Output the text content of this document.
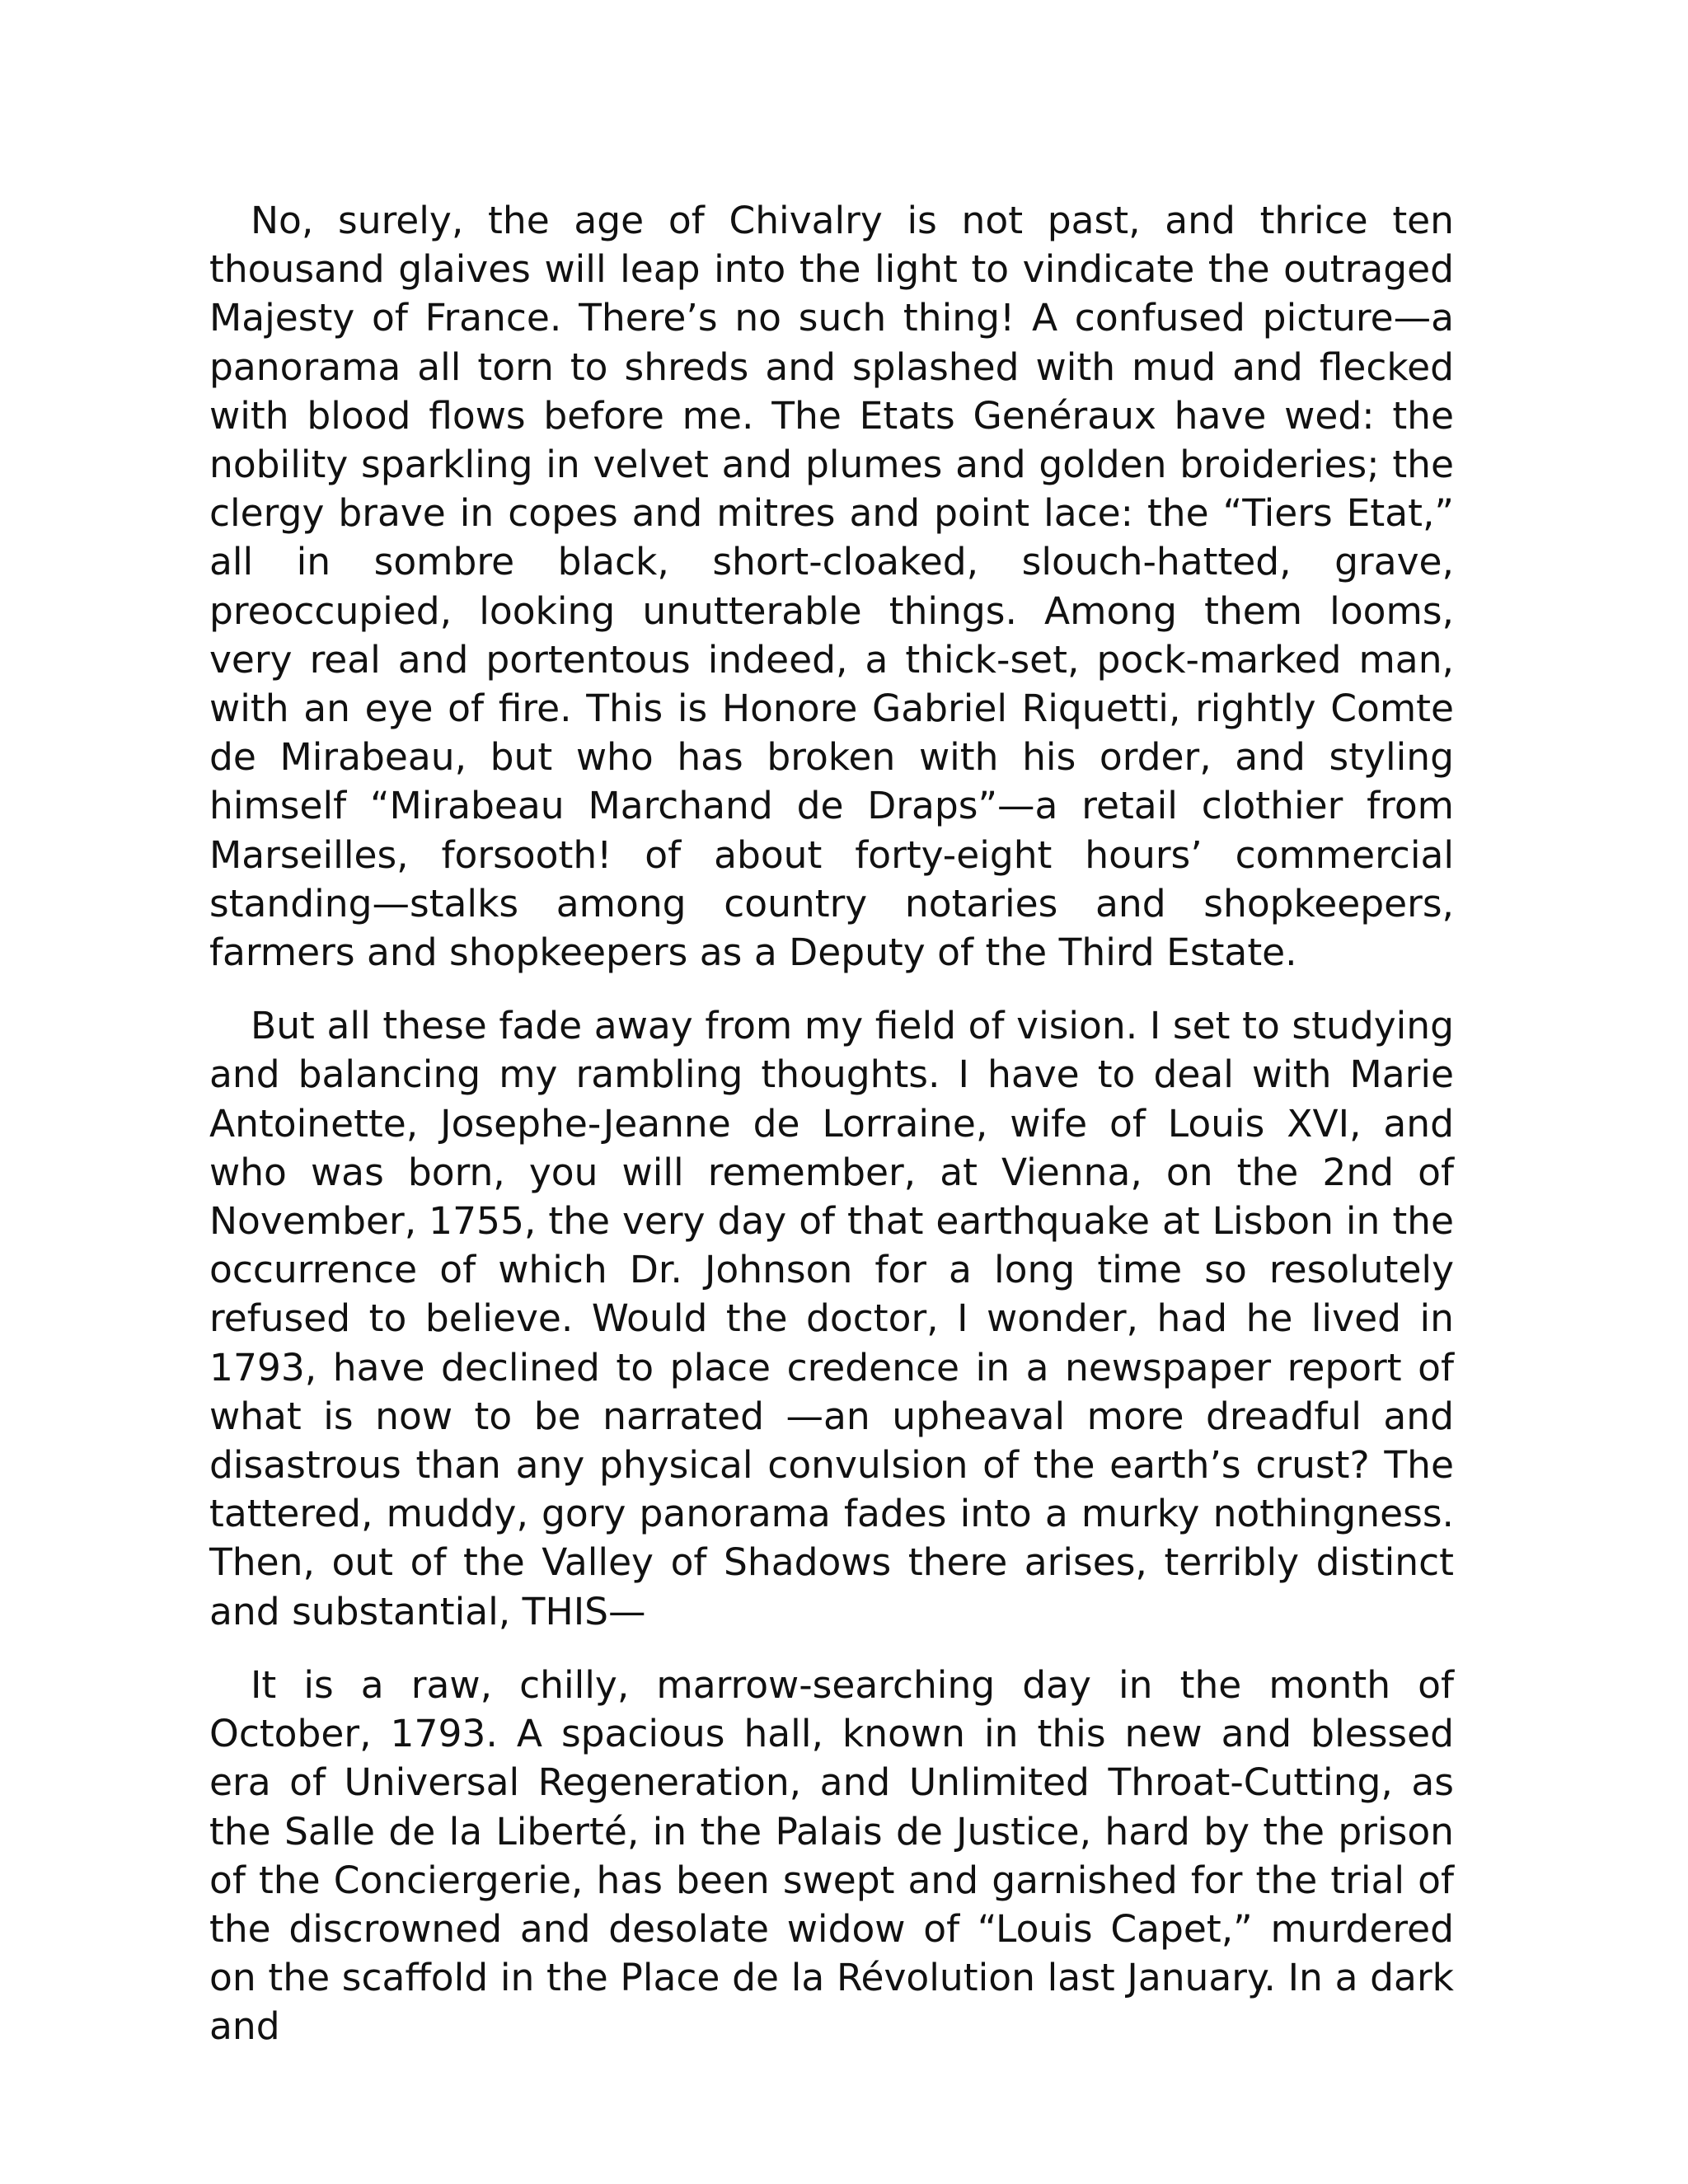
No, surely, the age of Chivalry is not past, and thrice ten thousand glaives will leap into the light to vindicate the outraged Majesty of France. There’s no such thing! A confused picture—a panorama all torn to shreds and splashed with mud and flecked with blood flows before me. The Etats Genéraux have wed: the nobility sparkling in velvet and plumes and golden broideries; the clergy brave in copes and mitres and point lace: the “Tiers Etat,” all in sombre black, short-cloaked, slouch-hatted, grave, preoccupied, looking unutterable things. Among them looms, very real and portentous indeed, a thick-set, pock-marked man, with an eye of fire. This is Honore Gabriel Riquetti, rightly Comte de Mirabeau, but who has broken with his order, and styling himself “Mirabeau Marchand de Draps”—a retail clothier from Marseilles, forsooth! of about forty-eight hours’ commercial standing—stalks among country notaries and shopkeepers, farmers and shopkeepers as a Deputy of the Third Estate.

But all these fade away from my field of vision. I set to studying and balancing my rambling thoughts. I have to deal with Marie Antoinette, Josephe-Jeanne de Lorraine, wife of Louis XVI, and who was born, you will remember, at Vienna, on the 2nd of November, 1755, the very day of that earthquake at Lisbon in the occurrence of which Dr. Johnson for a long time so resolutely refused to believe. Would the doctor, I wonder, had he lived in 1793, have declined to place credence in a newspaper report of what is now to be narrated —an upheaval more dreadful and disastrous than any physical convulsion of the earth’s crust? The tattered, muddy, gory panorama fades into a murky nothingness. Then, out of the Valley of Shadows there arises, terribly distinct and substantial, THIS—

It is a raw, chilly, marrow-searching day in the month of October, 1793. A spacious hall, known in this new and blessed era of Universal Regeneration, and Unlimited Throat-Cutting, as the Salle de la Liberté, in the Palais de Justice, hard by the prison of the Conciergerie, has been swept and garnished for the trial of the discrowned and desolate widow of “Louis Capet,” murdered on the scaffold in the Place de la Révolution last January. In a dark and
